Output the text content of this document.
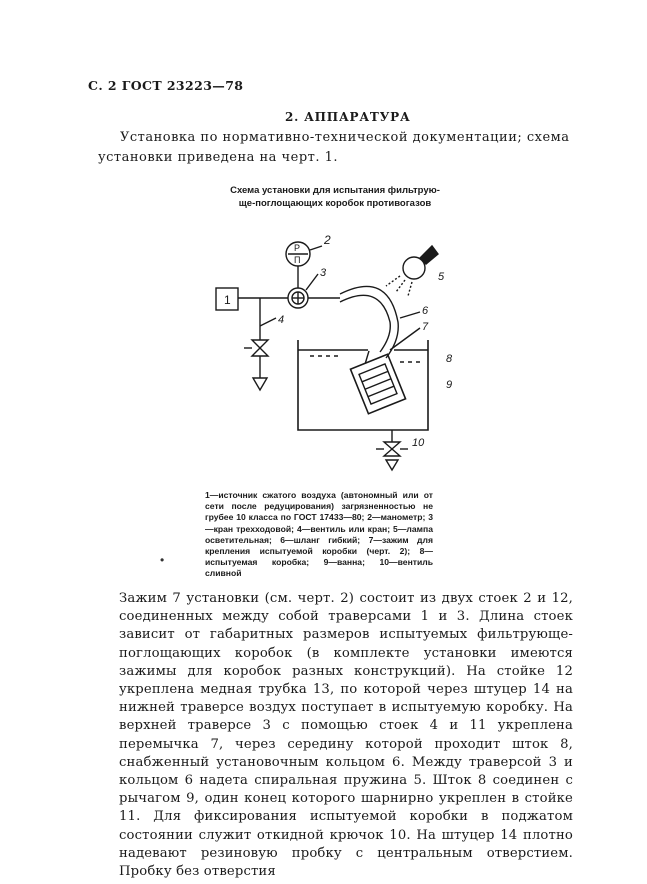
С. 2 ГОСТ 23223—78
2. АППАРАТУРА
Установка по нормативно-технической документации; схема
установки приведена на черт. 1.
Схема установки для испытания фильтрую-
ще-поглощающих коробок противогазов
1
4
3
Р
П
2
5
6
7
8
9
10
1—источник сжатого воздуха (автономный или от сети после редуцирования) загрязненностью не грубее 10 класса по ГОСТ 17433—80; 2—манометр; 3—кран трехходовой; 4—вентиль или кран; 5—лампа осветительная; 6—шланг гибкий; 7—зажим для крепления испытуемой коробки (черт. 2); 8—испытуемая коробка; 9—ванна; 10—вентиль сливной
•
Зажим 7 установки (см. черт. 2) состоит из двух стоек 2 и 12, соединенных между собой траверсами 1 и 3. Длина стоек зависит от габаритных размеров испытуемых фильтрующе-поглощающих коробок (в комплекте установки имеются зажимы для коробок разных конструкций). На стойке 12 укреплена медная трубка 13, по которой через штуцер 14 на нижней траверсе воздух поступает в испытуемую коробку. На верхней траверсе 3 с помощью стоек 4 и 11 укреплена перемычка 7, через середину которой проходит шток 8, снабженный установочным кольцом 6. Между траверсой 3 и кольцом 6 надета спиральная пружина 5. Шток 8 соединен с рычагом 9, один конец которого шарнирно укреплен в стойке 11. Для фиксирования испытуемой коробки в поджатом состоянии служит откидной крючок 10. На штуцер 14 плотно надевают резиновую пробку с центральным отверстием. Пробку без отверстия
